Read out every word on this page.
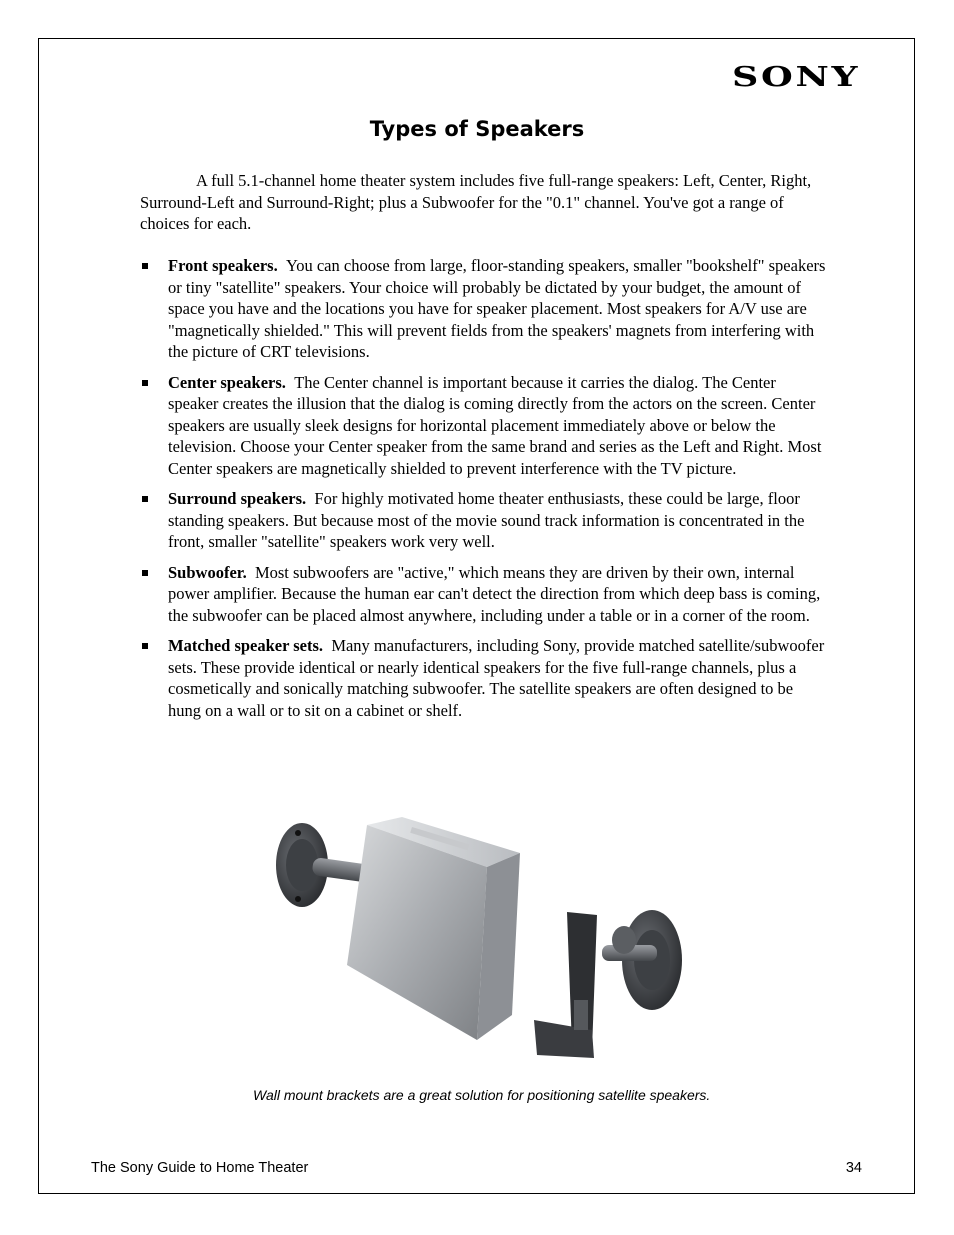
SONY
Types of Speakers

A full 5.1-channel home theater system includes five full-range speakers: Left, Center, Right, Surround-Left and Surround-Right; plus a Subwoofer for the "0.1" channel. You've got a range of choices for each.

Front speakers. You can choose from large, floor-standing speakers, smaller "bookshelf" speakers or tiny "satellite" speakers. Your choice will probably be dictated by your budget, the amount of space you have and the locations you have for speaker placement. Most speakers for A/V use are "magnetically shielded." This will prevent fields from the speakers' magnets from interfering with the picture of CRT televisions.
Center speakers. The Center channel is important because it carries the dialog. The Center speaker creates the illusion that the dialog is coming directly from the actors on the screen. Center speakers are usually sleek designs for horizontal placement immediately above or below the television. Choose your Center speaker from the same brand and series as the Left and Right. Most Center speakers are magnetically shielded to prevent interference with the TV picture.
Surround speakers. For highly motivated home theater enthusiasts, these could be large, floor standing speakers. But because most of the movie sound track information is concentrated in the front, smaller "satellite" speakers work very well.
Subwoofer. Most subwoofers are "active," which means they are driven by their own, internal power amplifier. Because the human ear can't detect the direction from which deep bass is coming, the subwoofer can be placed almost anywhere, including under a table or in a corner of the room.
Matched speaker sets. Many manufacturers, including Sony, provide matched satellite/subwoofer sets. These provide identical or nearly identical speakers for the five full-range channels, plus a cosmetically and sonically matching subwoofer. The satellite speakers are often designed to be hung on a wall or to sit on a cabinet or shelf.
Wall mount brackets are a great solution for positioning satellite speakers.
The Sony Guide to Home Theater	34
